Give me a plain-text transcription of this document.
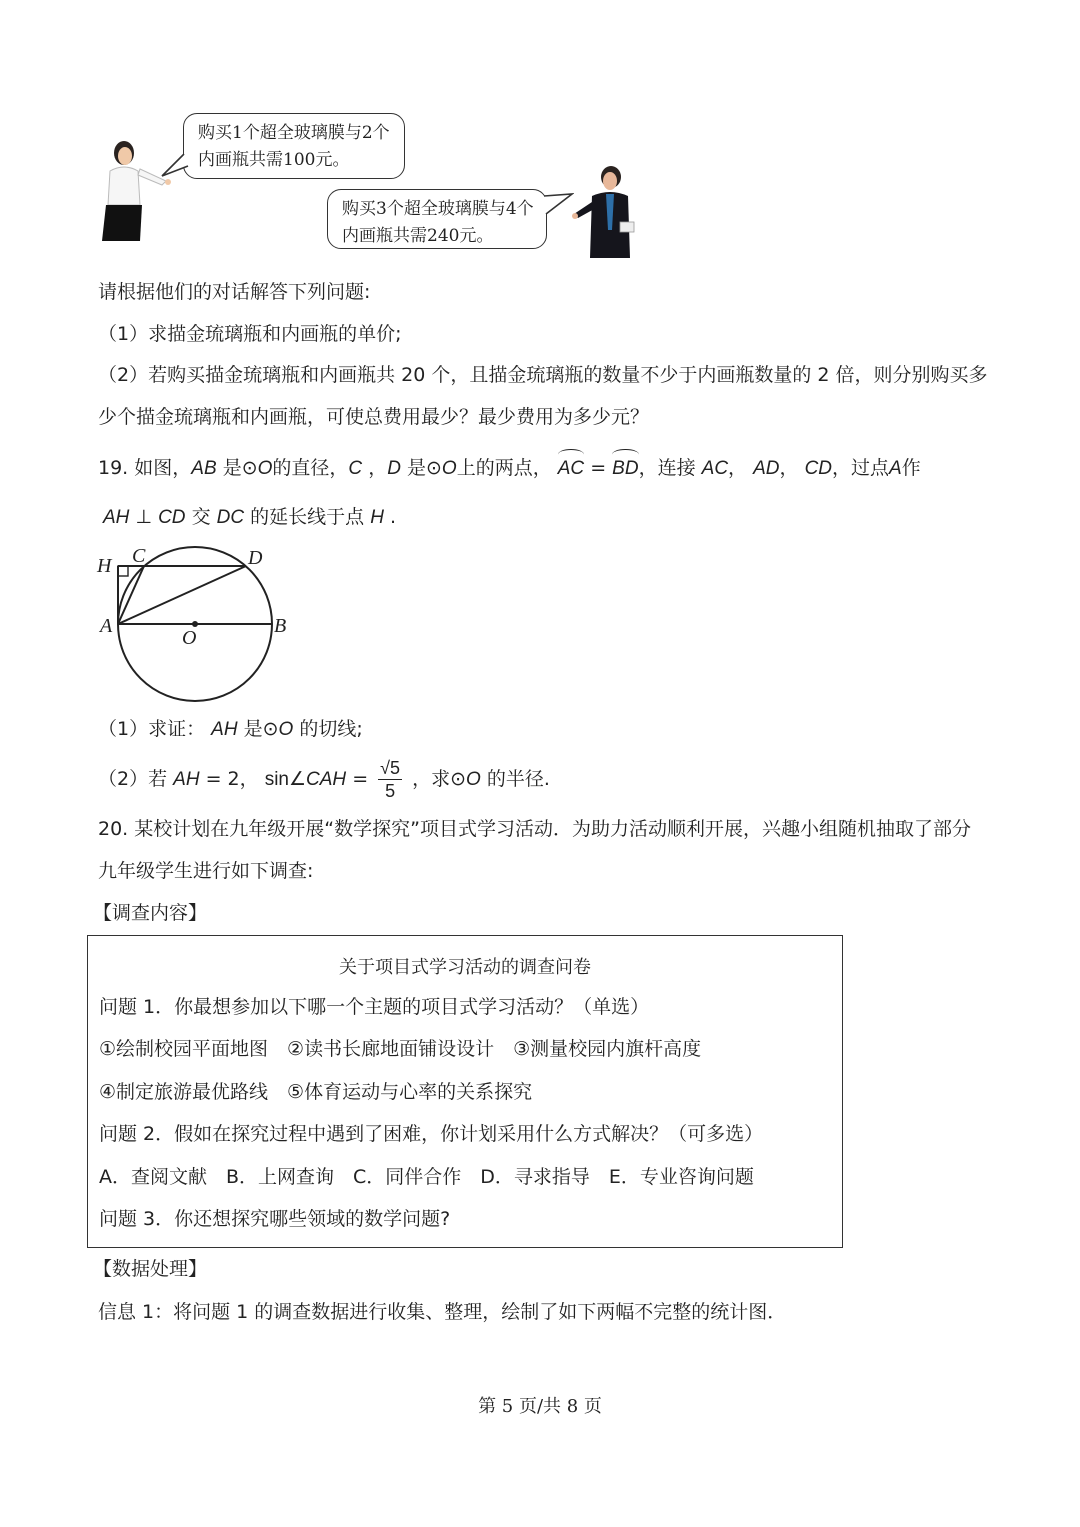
购买1个超全玻璃膜与2个
内画瓶共需100元。
购买3个超全玻璃膜与4个
内画瓶共需240元。
请根据他们的对话解答下列问题:
（1）求描金琉璃瓶和内画瓶的单价;
（2）若购买描金琉璃瓶和内画瓶共 20 个，且描金琉璃瓶的数量不少于内画瓶数量的 2 倍，则分别购买多
少个描金琉璃瓶和内画瓶，可使总费用最少？最少费用为多少元？
19. 如图，AB 是⊙O的直径，C ，D 是⊙O上的两点， AC = BD，连接 AC， AD， CD，过点A作
AH ⊥ CD 交 DC 的延长线于点 H .
H C	D
A
O
B
（1）求证： AH 是⊙O 的切线;
（2）若 AH = 2， sin∠CAH = $\frac{√5}{5}$ ，求⊙O 的半径.
20. 某校计划在九年级开展“数学探究”项目式学习活动．为助力活动顺利开展，兴趣小组随机抽取了部分
九年级学生进行如下调查:
【调查内容】
关于项目式学习活动的调查问卷
问题 1．你最想参加以下哪一个主题的项目式学习活动？（单选）
①绘制校园平面地图　②读书长廊地面铺设设计　③测量校园内旗杆高度
④制定旅游最优路线　⑤体育运动与心率的关系探究
问题 2．假如在探究过程中遇到了困难，你计划采用什么方式解决？（可多选）
A．查阅文献　B．上网查询　C．同伴合作　D．寻求指导　E．专业咨询问题
问题 3．你还想探究哪些领域的数学问题?
【数据处理】
信息 1：将问题 1 的调查数据进行收集、整理，绘制了如下两幅不完整的统计图．
第 5 页/共 8 页
